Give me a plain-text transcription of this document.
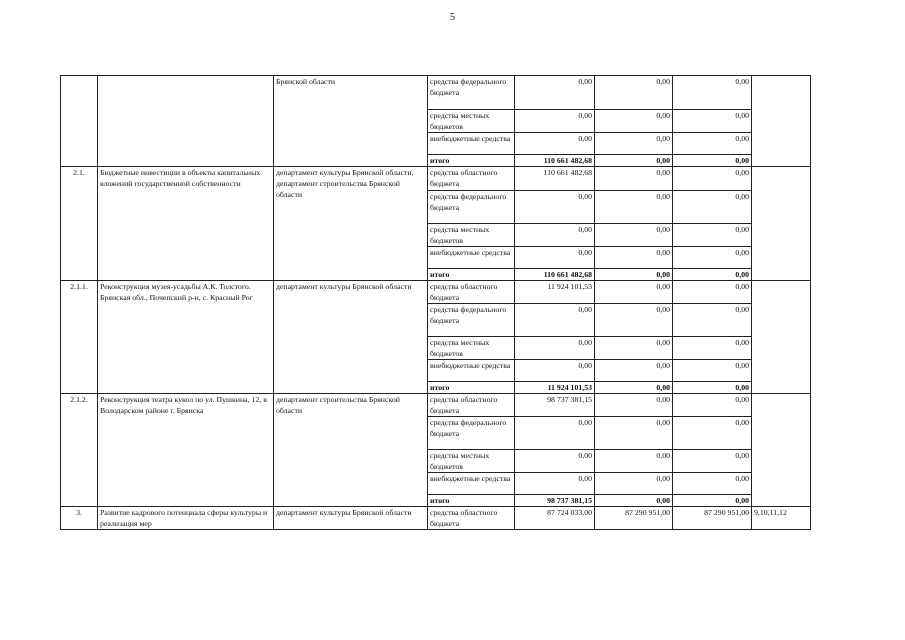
5
		Брянской области	средства федерального бюджета	0,00	0,00	0,00	
			средства местных бюджетов	0,00	0,00	0,00	
			внебюджетные средства	0,00	0,00	0,00	
			итого	110 661 482,68	0,00	0,00	
2.1.	Бюджетные инвестиции в объекты капитальных вложений государственной собственности	департамент культуры Брянской области, департамент строительства Брянской области	средства областного бюджета	110 661 482,68	0,00	0,00	
			средства федерального бюджета	0,00	0,00	0,00	
			средства местных бюджетов	0,00	0,00	0,00	
			внебюджетные средства	0,00	0,00	0,00	
			итого	110 661 482,68	0,00	0,00	
2.1.1.	Реконструкция музея-усадьбы А.К. Толстого. Брянская обл., Почепский р-н, с. Красный Рог	департамент культуры Брянской области	средства областного бюджета	11 924 101,53	0,00	0,00	
			средства федерального бюджета	0,00	0,00	0,00	
			средства местных бюджетов	0,00	0,00	0,00	
			внебюджетные средства	0,00	0,00	0,00	
			итого	11 924 101,53	0,00	0,00	
2.1.2.	Реконструкция театра кукол по ул. Пушкина, 12, в Володарском районе г. Брянска	департамент строительства Брянской области	средства областного бюджета	98 737 381,15	0,00	0,00	
			средства федерального бюджета	0,00	0,00	0,00	
			средства местных бюджетов	0,00	0,00	0,00	
			внебюджетные средства	0,00	0,00	0,00	
			итого	98 737 381,15	0,00	0,00	
3.	Развитие кадрового потенциала сферы культуры и реализация мер	департамент культуры Брянской области	средства областного бюджета	87 724 033,00	87 290 951,00	87 290 951,00	9,10,11,12
